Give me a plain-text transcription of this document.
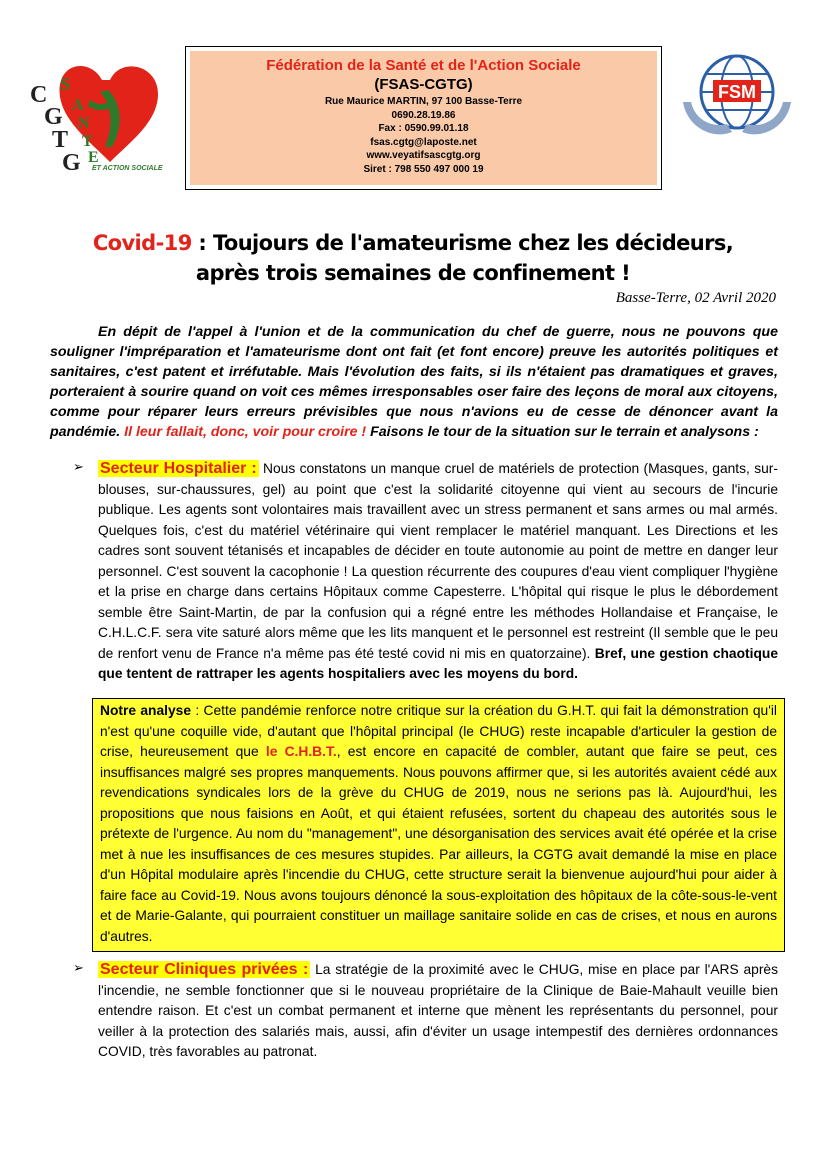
C
G
T
G
S
A
N
T
E
ET ACTION SOCIALE
Fédération de la Santé et de l'Action Sociale
(FSAS-CGTG)
Rue Maurice MARTIN, 97 100 Basse-Terre
0690.28.19.86
Fax : 0590.99.01.18
fsas.cgtg@laposte.net
www.veyatifsascgtg.org
Siret : 798 550 497 000 19
FSM
Covid-19 : Toujours de l'amateurisme chez les décideurs,
après trois semaines de confinement !
Basse-Terre, 02 Avril 2020
En dépit de l'appel à l'union et de la communication du chef de guerre, nous ne pouvons que souligner l'impréparation et l'amateurisme dont ont fait (et font encore) preuve les autorités politiques et sanitaires, c'est patent et irréfutable. Mais l'évolution des faits, si ils n'étaient pas dramatiques et graves, porteraient à sourire quand on voit ces mêmes irresponsables oser faire des leçons de moral aux citoyens, comme pour réparer leurs erreurs prévisibles que nous n'avions eu de cesse de dénoncer avant la pandémie. Il leur fallait, donc, voir pour croire ! Faisons le tour de la situation sur le terrain et analysons :
➢ Secteur Hospitalier : Nous constatons un manque cruel de matériels de protection (Masques, gants, sur-blouses, sur-chaussures, gel) au point que c'est la solidarité citoyenne qui vient au secours de l'incurie publique. Les agents sont volontaires mais travaillent avec un stress permanent et sans armes ou mal armés. Quelques fois, c'est du matériel vétérinaire qui vient remplacer le matériel manquant. Les Directions et les cadres sont souvent tétanisés et incapables de décider en toute autonomie au point de mettre en danger leur personnel. C'est souvent la cacophonie ! La question récurrente des coupures d'eau vient compliquer l'hygiène et la prise en charge dans certains Hôpitaux comme Capesterre. L'hôpital qui risque le plus le débordement semble être Saint-Martin, de par la confusion qui a régné entre les méthodes Hollandaise et Française, le C.H.L.C.F. sera vite saturé alors même que les lits manquent et le personnel est restreint (Il semble que le peu de renfort venu de France n'a même pas été testé covid ni mis en quatorzaine). Bref, une gestion chaotique que tentent de rattraper les agents hospitaliers avec les moyens du bord.
Notre analyse : Cette pandémie renforce notre critique sur la création du G.H.T. qui fait la démonstration qu'il n'est qu'une coquille vide, d'autant que l'hôpital principal (le CHUG) reste incapable d'articuler la gestion de crise, heureusement que le C.H.B.T., est encore en capacité de combler, autant que faire se peut, ces insuffisances malgré ses propres manquements. Nous pouvons affirmer que, si les autorités avaient cédé aux revendications syndicales lors de la grève du CHUG de 2019, nous ne serions pas là. Aujourd'hui, les propositions que nous faisions en Août, et qui étaient refusées, sortent du chapeau des autorités sous le prétexte de l'urgence. Au nom du "management", une désorganisation des services avait été opérée et la crise met à nue les insuffisances de ces mesures stupides. Par ailleurs, la CGTG avait demandé la mise en place d'un Hôpital modulaire après l'incendie du CHUG, cette structure serait la bienvenue aujourd'hui pour aider à faire face au Covid-19. Nous avons toujours dénoncé la sous-exploitation des hôpitaux de la côte-sous-le-vent et de Marie-Galante, qui pourraient constituer un maillage sanitaire solide en cas de crises, et nous en aurons d'autres.
➢ Secteur Cliniques privées : La stratégie de la proximité avec le CHUG, mise en place par l'ARS après l'incendie, ne semble fonctionner que si le nouveau propriétaire de la Clinique de Baie-Mahault veuille bien entendre raison. Et c'est un combat permanent et interne que mènent les représentants du personnel, pour veiller à la protection des salariés mais, aussi, afin d'éviter un usage intempestif des dernières ordonnances COVID, très favorables au patronat.
